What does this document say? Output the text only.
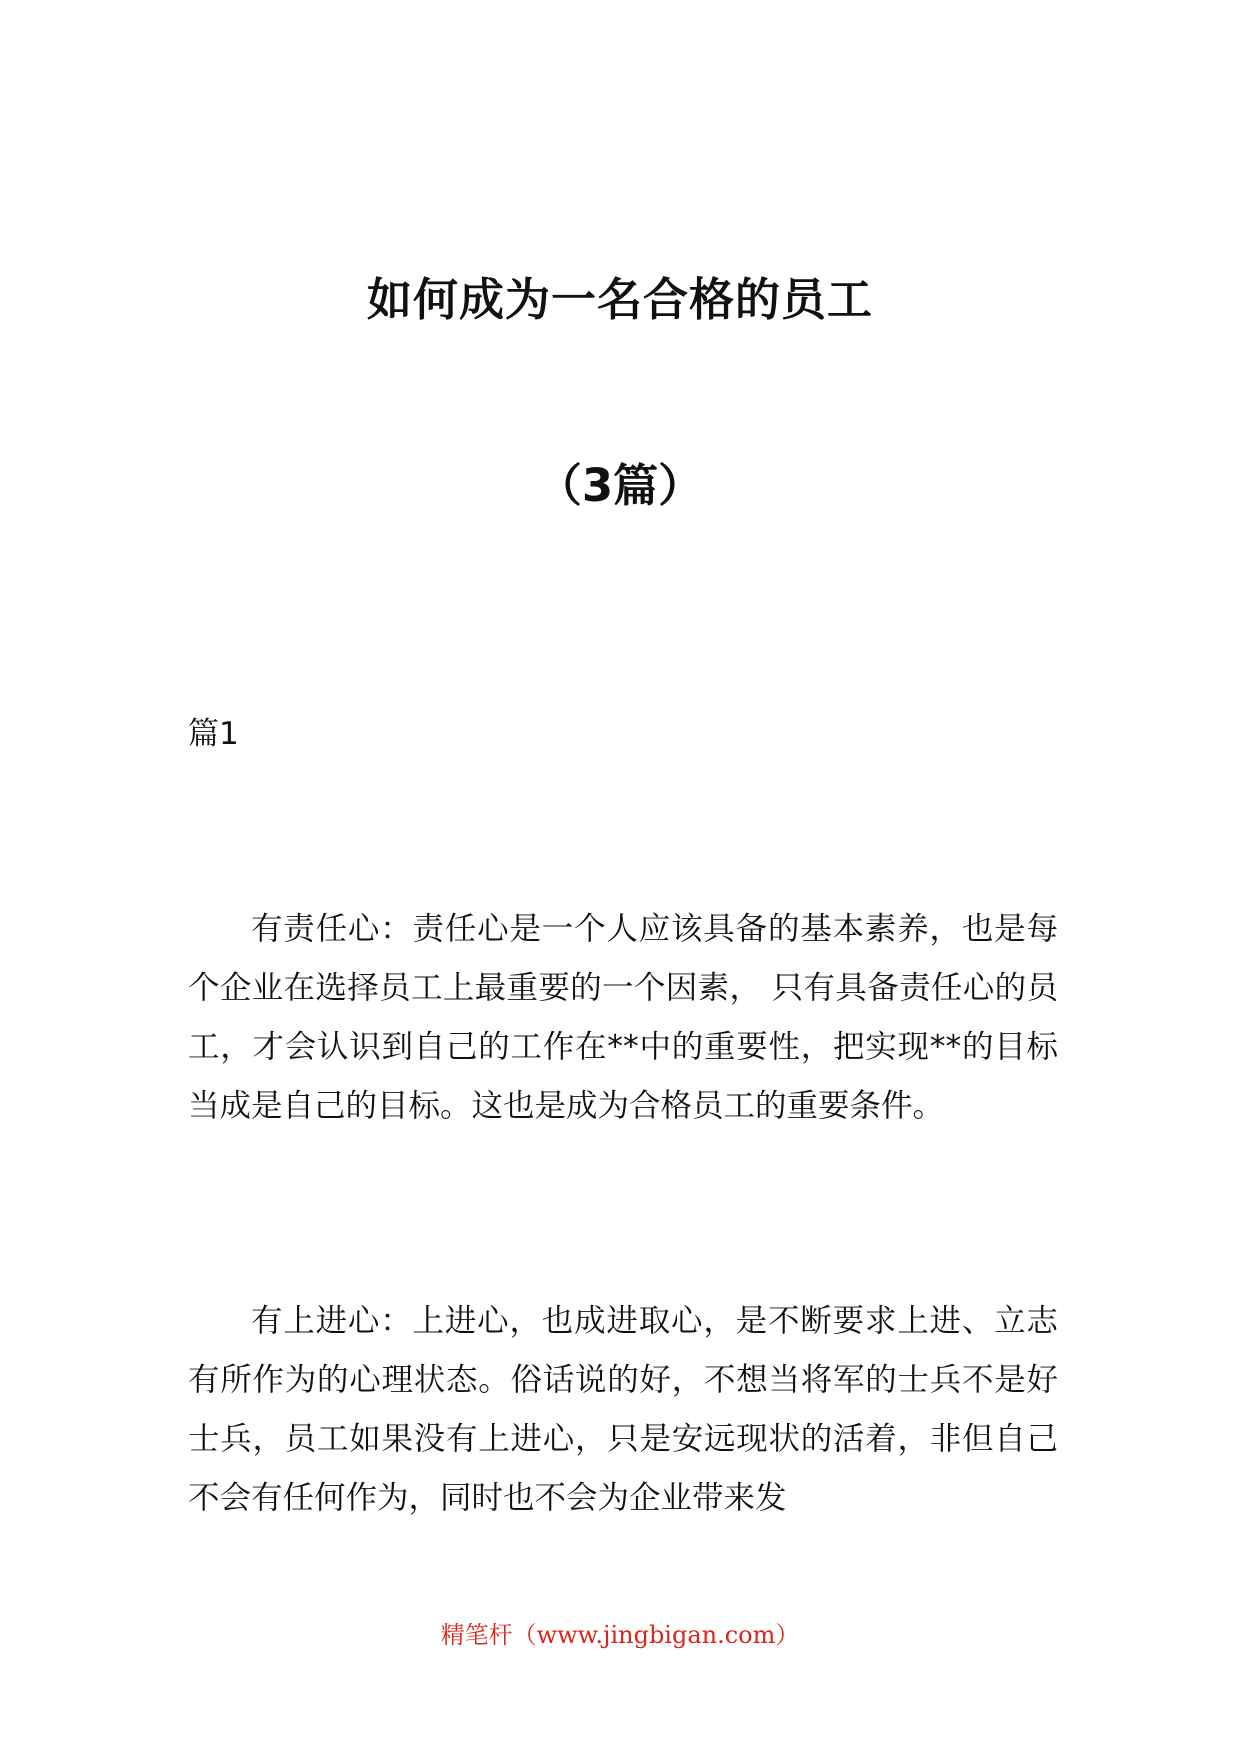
如何成为一名合格的员工
（3篇）
篇1

有责任心：责任心是一个人应该具备的基本素养，也是每个企业在选择员工上最重要的一个因素， 只有具备责任心的员工，才会认识到自己的工作在**中的重要性，把实现**的目标当成是自己的目标。这也是成为合格员工的重要条件。

有上进心：上进心，也成进取心，是不断要求上进、立志有所作为的心理状态。俗话说的好，不想当将军的士兵不是好士兵，员工如果没有上进心，只是安远现状的活着，非但自己不会有任何作为，同时也不会为企业带来发

精笔杆（www.jingbigan.com）
